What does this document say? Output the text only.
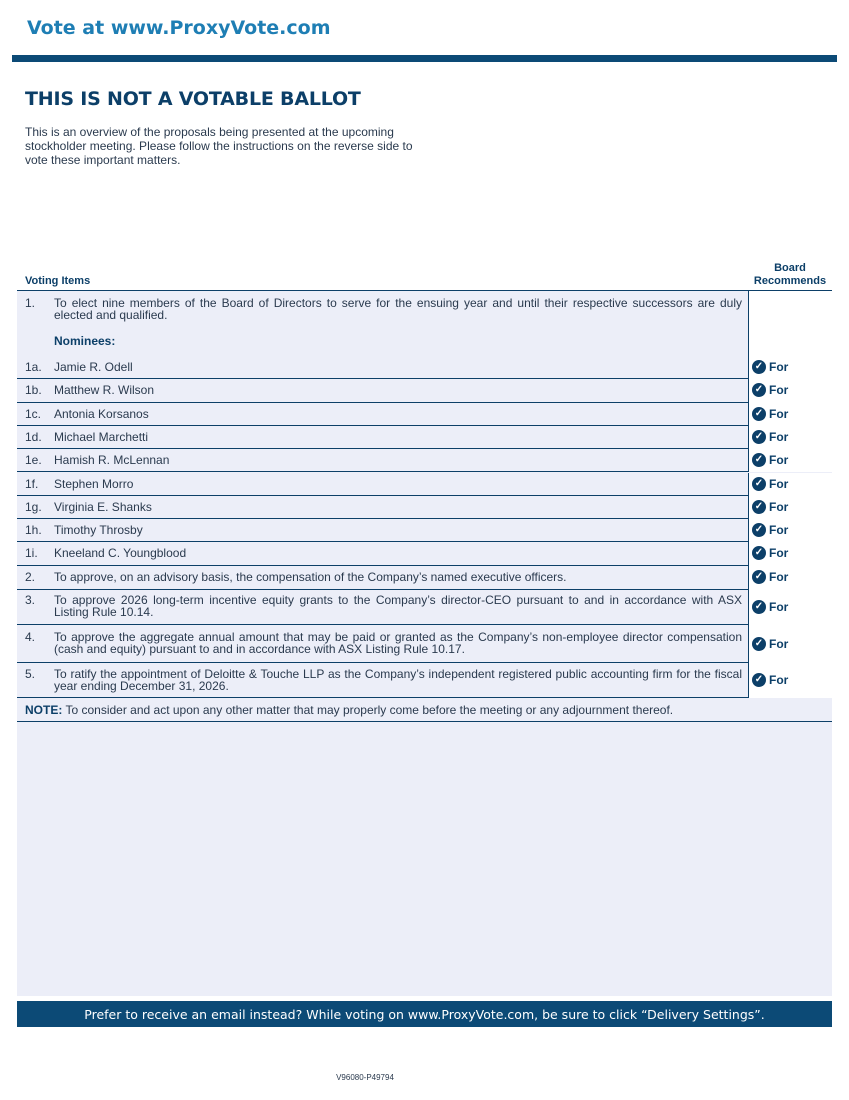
Vote at www.ProxyVote.com
THIS IS NOT A VOTABLE BALLOT
This is an overview of the proposals being presented at the upcoming stockholder meeting. Please follow the instructions on the reverse side to vote these important matters.
Board
Recommends
Voting Items
1. To elect nine members of the Board of Directors to serve for the ensuing year and until their respective successors are duly elected and qualified.
Nominees:
1a. Jamie R. Odell	✓ For
1b. Matthew R. Wilson	✓ For
1c. Antonia Korsanos	✓ For
1d. Michael Marchetti	✓ For
1e. Hamish R. McLennan	✓ For
1f. Stephen Morro	✓ For
1g. Virginia E. Shanks	✓ For
1h. Timothy Throsby	✓ For
1i. Kneeland C. Youngblood	✓ For
2. To approve, on an advisory basis, the compensation of the Company’s named executive officers.	✓ For
3. To approve 2026 long-term incentive equity grants to the Company’s director-CEO pursuant to and in accordance with ASX Listing Rule 10.14.	✓ For
4. To approve the aggregate annual amount that may be paid or granted as the Company’s non-employee director compensation (cash and equity) pursuant to and in accordance with ASX Listing Rule 10.17.	✓ For
5. To ratify the appointment of Deloitte & Touche LLP as the Company’s independent registered public accounting firm for the fiscal year ending December 31, 2026.	✓ For
NOTE: To consider and act upon any other matter that may properly come before the meeting or any adjournment thereof.
Prefer to receive an email instead? While voting on www.ProxyVote.com, be sure to click “Delivery Settings”.
V96080-P49794
